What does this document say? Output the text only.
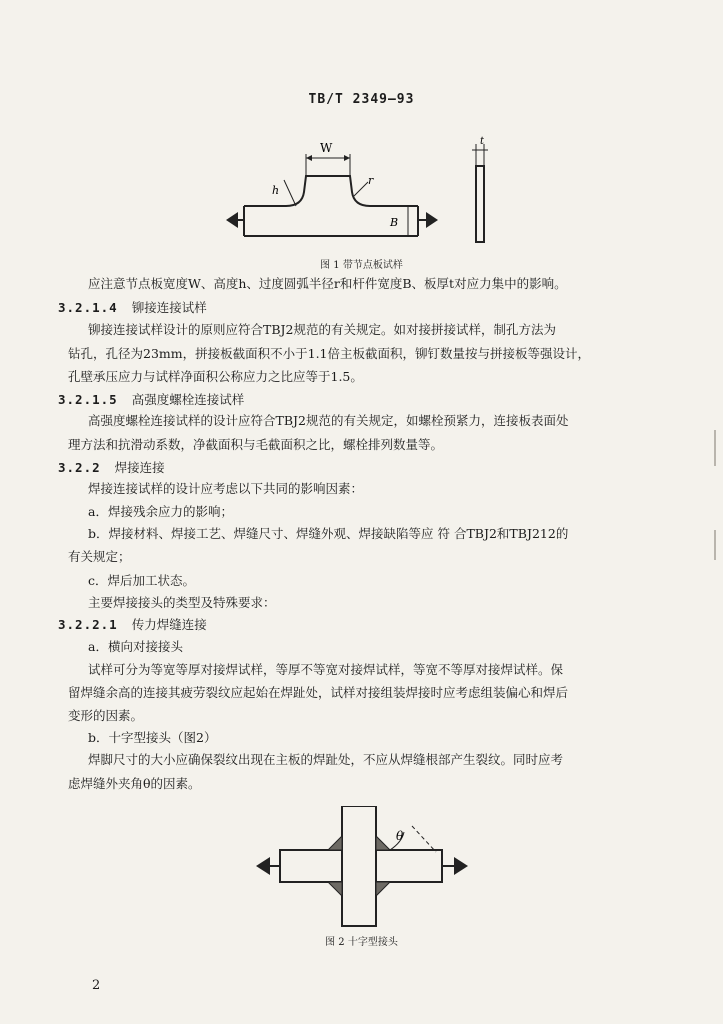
TB/T 2349—93
W
h
r
B
t
图 1 带节点板试样
应注意节点板宽度W、高度h、过度圆弧半径r和杆件宽度B、板厚t对应力集中的影响。
3.2.1.4 铆接连接试样
铆接连接试样设计的原则应符合TBJ2规范的有关规定。如对接拼接试样，制孔方法为
钻孔，孔径为23mm，拼接板截面积不小于1.1倍主板截面积，铆钉数量按与拼接板等强设计，
孔壁承压应力与试样净面积公称应力之比应等于1.5。
3.2.1.5 高强度螺栓连接试样
高强度螺栓连接试样的设计应符合TBJ2规范的有关规定，如螺栓预紧力，连接板表面处
理方法和抗滑动系数，净截面积与毛截面积之比，螺栓排列数量等。
3.2.2 焊接连接
焊接连接试样的设计应考虑以下共同的影响因素：
a．焊接残余应力的影响；
b．焊接材料、焊接工艺、焊缝尺寸、焊缝外观、焊接缺陷等应 符 合TBJ2和TBJ212的
有关规定；
c．焊后加工状态。
主要焊接接头的类型及特殊要求：
3.2.2.1 传力焊缝连接
a．横向对接接头
试样可分为等宽等厚对接焊试样，等厚不等宽对接焊试样，等宽不等厚对接焊试样。保
留焊缝余高的连接其疲劳裂纹应起始在焊趾处，试样对接组装焊接时应考虑组装偏心和焊后
变形的因素。
b．十字型接头（图2）
焊脚尺寸的大小应确保裂纹出现在主板的焊趾处，不应从焊缝根部产生裂纹。同时应考
虑焊缝外夹角θ的因素。
θ
图 2 十字型接头
2
